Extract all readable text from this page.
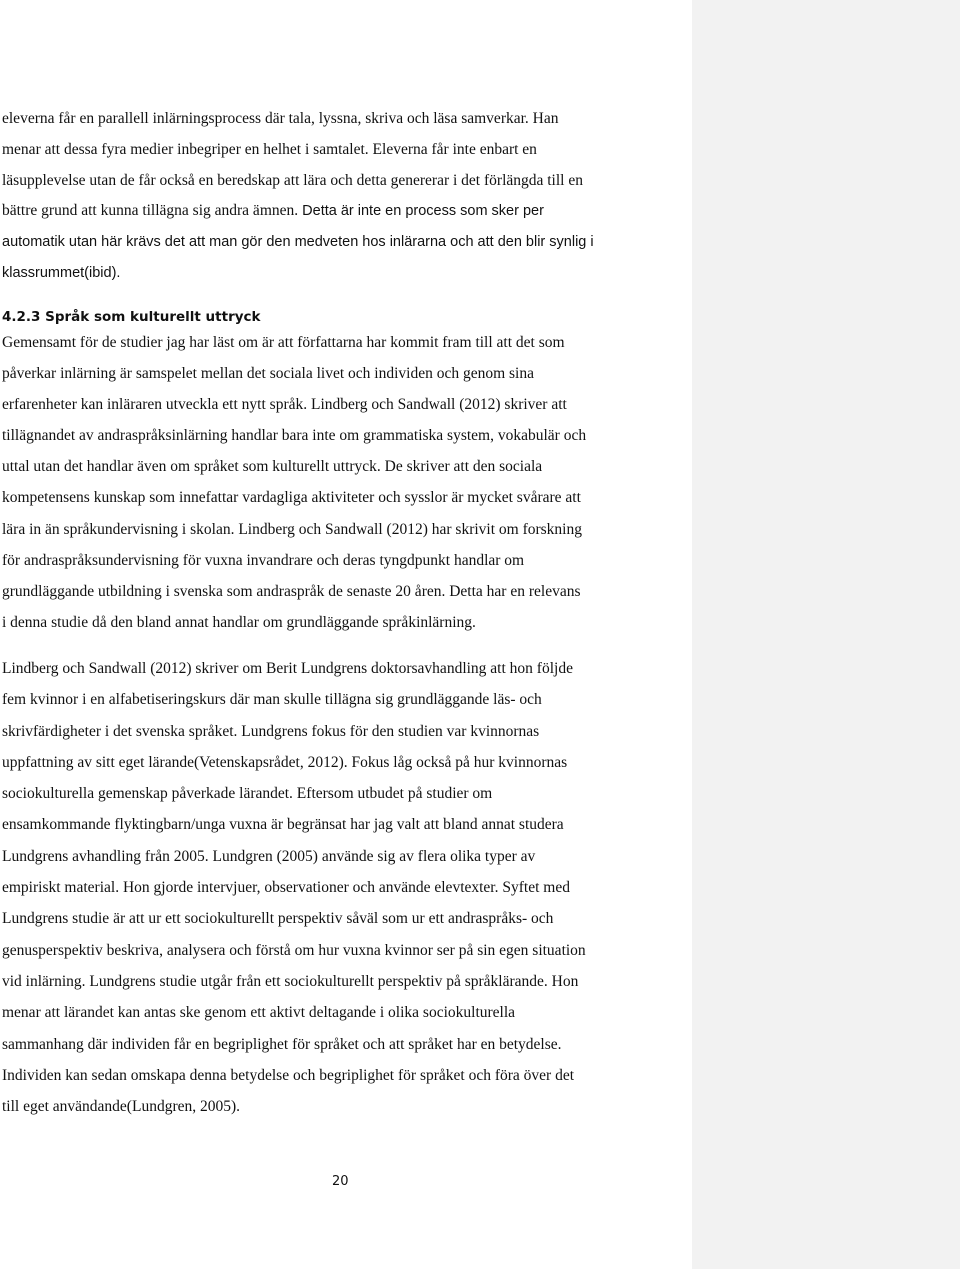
eleverna får en parallell inlärningsprocess där tala, lyssna, skriva och läsa samverkar. Han
menar att dessa fyra medier inbegriper en helhet i samtalet. Eleverna får inte enbart en
läsupplevelse utan de får också en beredskap att lära och detta genererar i det förlängda till en
bättre grund att kunna tillägna sig andra ämnen. Detta är inte en process som sker per
automatik utan här krävs det att man gör den medveten hos inlärarna och att den blir synlig i
klassrummet(ibid).

4.2.3 Språk som kulturellt uttryck

Gemensamt för de studier jag har läst om är att författarna har kommit fram till att det som
påverkar inlärning är samspelet mellan det sociala livet och individen och genom sina
erfarenheter kan inläraren utveckla ett nytt språk. Lindberg och Sandwall (2012) skriver att
tillägnandet av andraspråksinlärning handlar bara inte om grammatiska system, vokabulär och
uttal utan det handlar även om språket som kulturellt uttryck. De skriver att den sociala
kompetensens kunskap som innefattar vardagliga aktiviteter och sysslor är mycket svårare att
lära in än språkundervisning i skolan. Lindberg och Sandwall (2012) har skrivit om forskning
för andraspråksundervisning för vuxna invandrare och deras tyngdpunkt handlar om
grundläggande utbildning i svenska som andraspråk de senaste 20 åren. Detta har en relevans
i denna studie då den bland annat handlar om grundläggande språkinlärning.

Lindberg och Sandwall (2012) skriver om Berit Lundgrens doktorsavhandling att hon följde
fem kvinnor i en alfabetiseringskurs där man skulle tillägna sig grundläggande läs- och
skrivfärdigheter i det svenska språket. Lundgrens fokus för den studien var kvinnornas
uppfattning av sitt eget lärande(Vetenskapsrådet, 2012). Fokus låg också på hur kvinnornas
sociokulturella gemenskap påverkade lärandet. Eftersom utbudet på studier om
ensamkommande flyktingbarn/unga vuxna är begränsat har jag valt att bland annat studera
Lundgrens avhandling från 2005. Lundgren (2005) använde sig av flera olika typer av
empiriskt material. Hon gjorde intervjuer, observationer och använde elevtexter. Syftet med
Lundgrens studie är att ur ett sociokulturellt perspektiv såväl som ur ett andraspråks- och
genusperspektiv beskriva, analysera och förstå om hur vuxna kvinnor ser på sin egen situation
vid inlärning. Lundgrens studie utgår från ett sociokulturellt perspektiv på språklärande. Hon
menar att lärandet kan antas ske genom ett aktivt deltagande i olika sociokulturella
sammanhang där individen får en begriplighet för språket och att språket har en betydelse.
Individen kan sedan omskapa denna betydelse och begriplighet för språket och föra över det
till eget användande(Lundgren, 2005).

20
